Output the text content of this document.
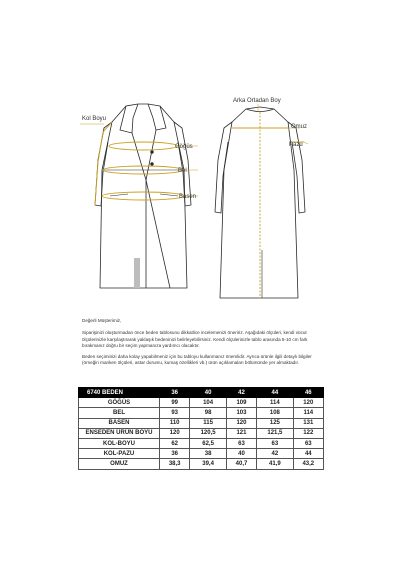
Kol Boyu
Göğüs
Bel
Basen
Arka Ortadan Boy
Omuz
Pazu

Değerli Müşterimiz,

Siparişinizi oluşturmadan önce beden tablosunu dikkatlice incelemenizi öneririz. Aşağıdaki ölçüleri, kendi vücut ölçülerinizle karşılaştırarak yaklaşık bedeninizi belirleyebilirsiniz. Kendi ölçülerinizle tablo arasında 5-10 cm fark bırakmanız doğru bir seçim yapmanıza yardımcı olacaktır.

Beden seçiminizi daha kolay yapabilmeniz için bu tabloyu kullanmanız önemlidir. Ayrıca ürünle ilgili detaylı bilgiler (örneğin manken ölçüleri, astar durumu, kumaş özellikleri vb.) ürün açıklamaları bölümünde yer almaktadır.

6740 BEDEN	36	40	42	44	46
GÖĞÜS	99	104	109	114	120
BEL	93	98	103	108	114
BASEN	110	115	120	125	131
ENSEDEN ÜRÜN BOYU	120	120,5	121	121,5	122
KOL-BOYU	62	62,5	63	63	63
KOL-PAZU	36	38	40	42	44
OMUZ	38,3	39,4	40,7	41,9	43,2
